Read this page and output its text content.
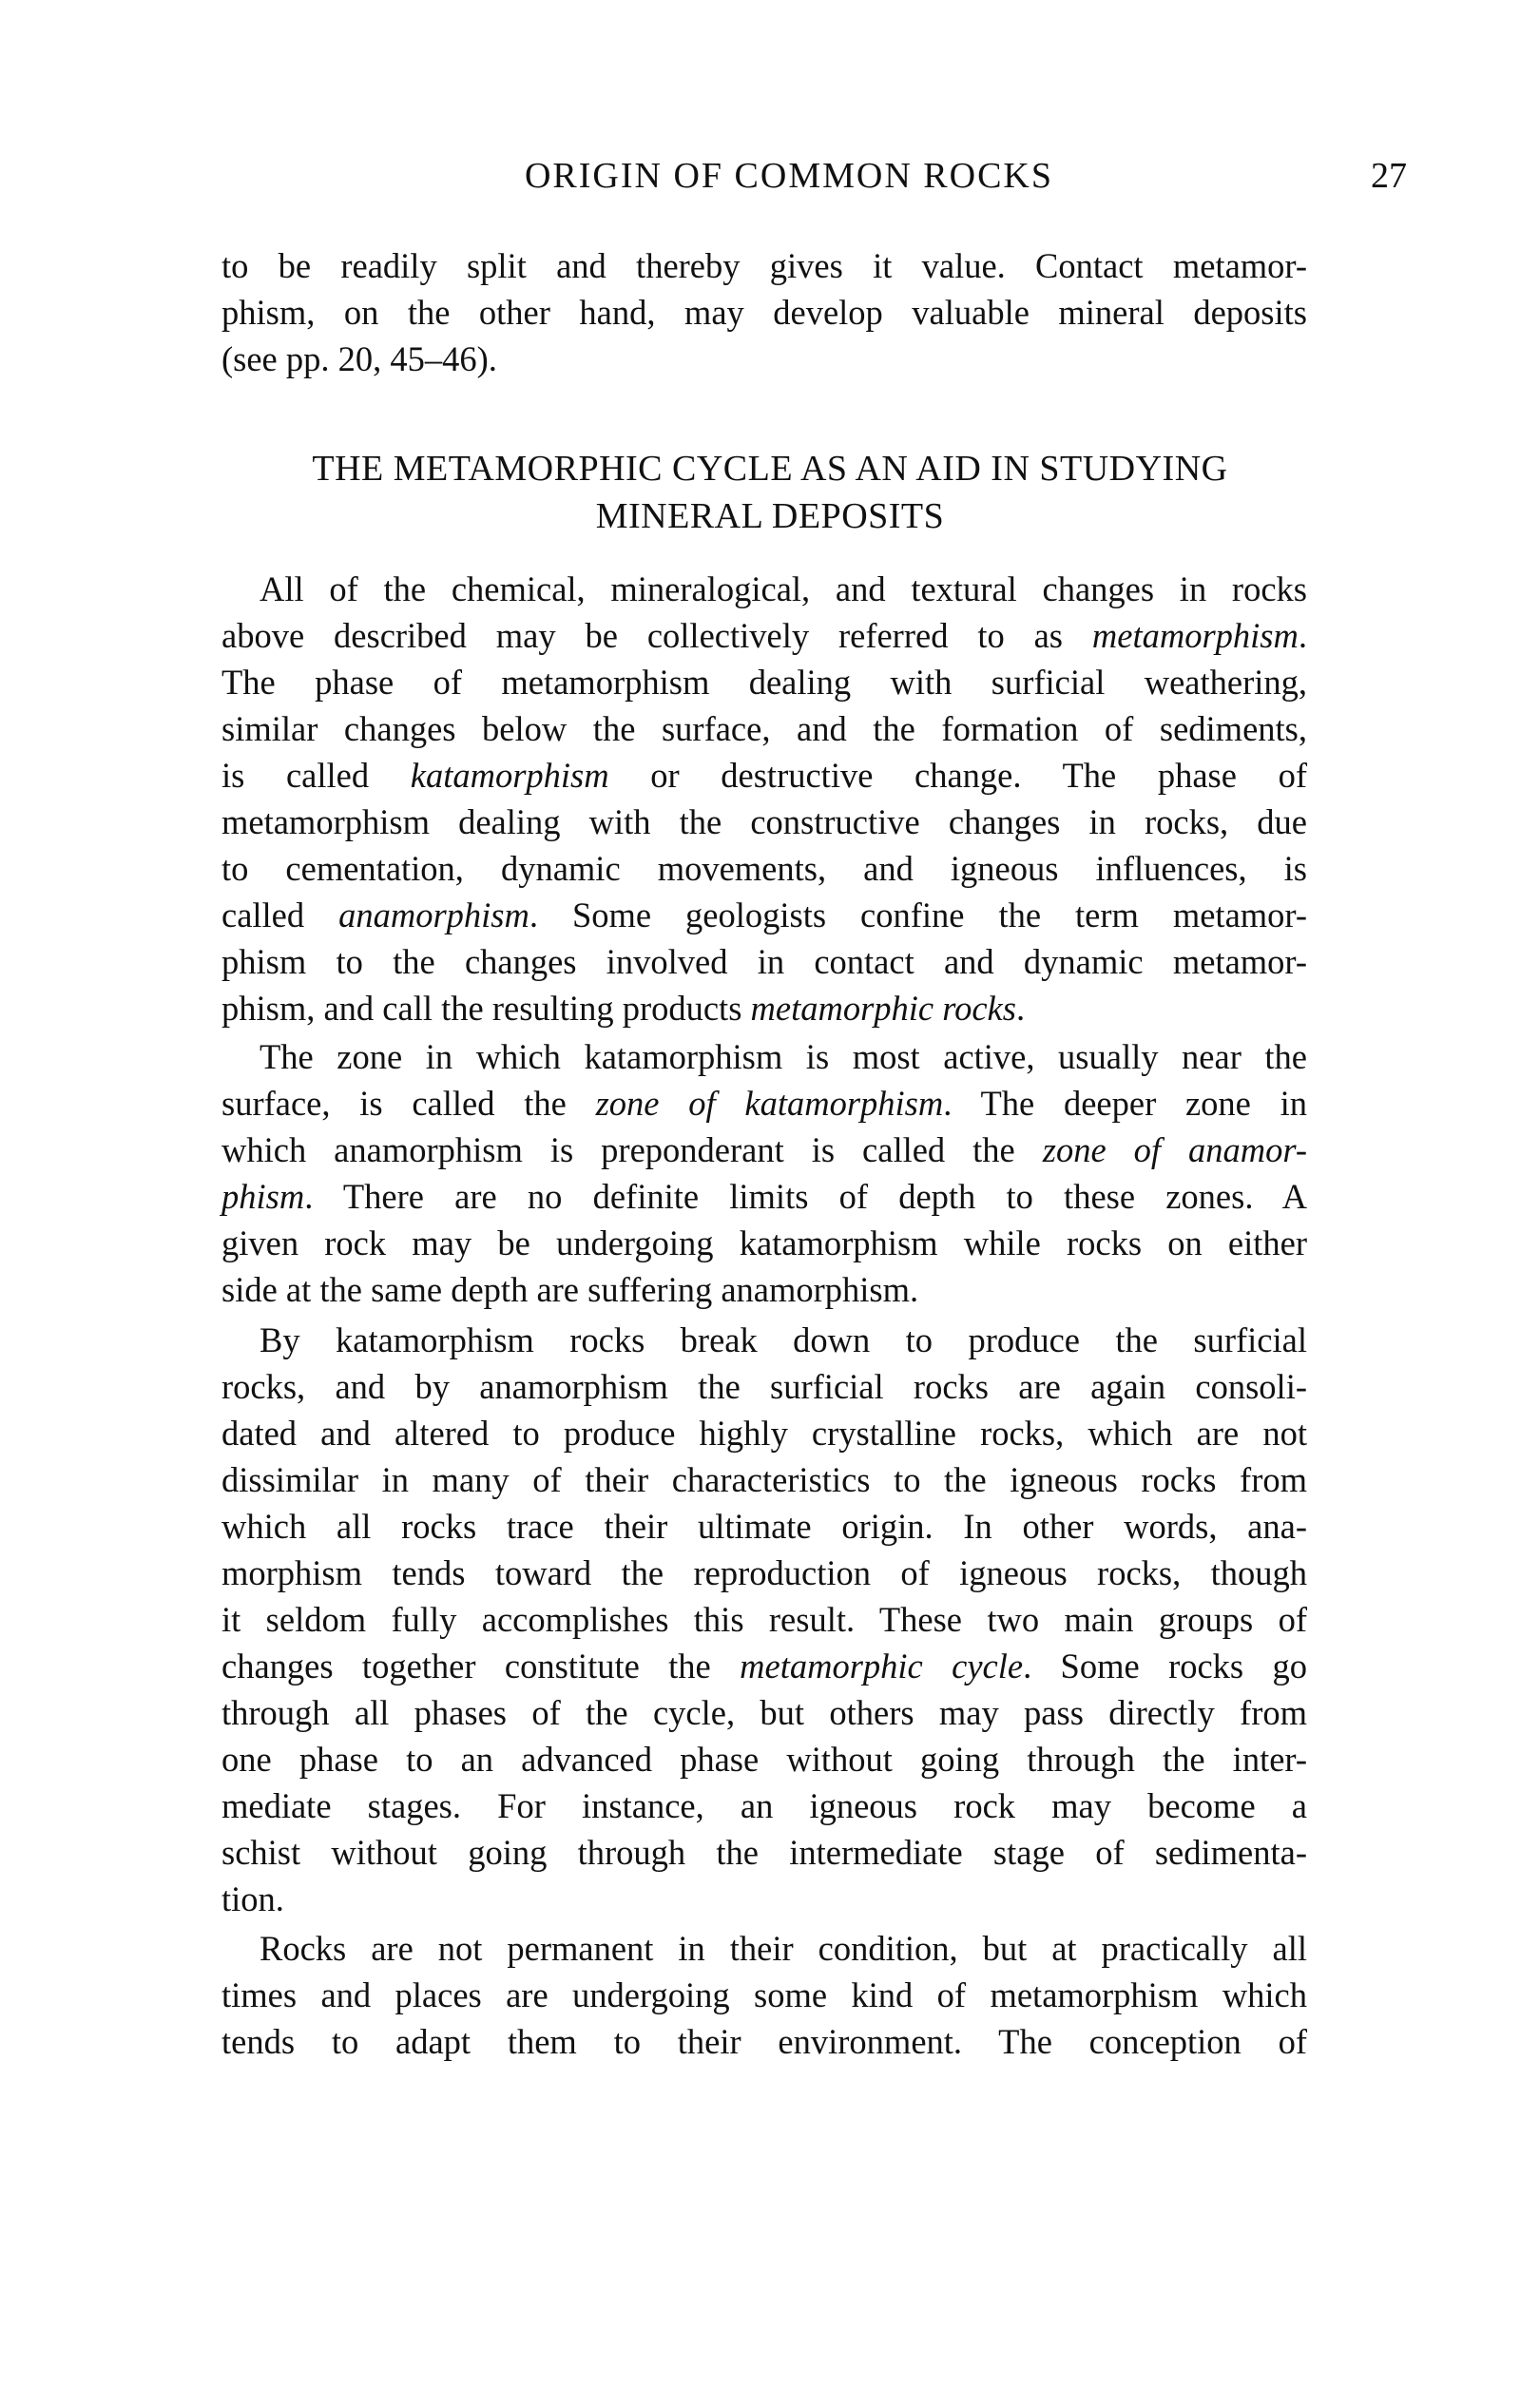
ORIGIN OF COMMON ROCKS	27
to be readily split and thereby gives it value. Contact metamor-
phism, on the other hand, may develop valuable mineral deposits
(see pp. 20, 45–46).
THE METAMORPHIC CYCLE AS AN AID IN STUDYING
MINERAL DEPOSITS
All of the chemical, mineralogical, and textural changes in rocks
above described may be collectively referred to as metamorphism.
The phase of metamorphism dealing with surficial weathering,
similar changes below the surface, and the formation of sediments,
is called katamorphism or destructive change. The phase of
metamorphism dealing with the constructive changes in rocks, due
to cementation, dynamic movements, and igneous influences, is
called anamorphism. Some geologists confine the term metamor-
phism to the changes involved in contact and dynamic metamor-
phism, and call the resulting products metamorphic rocks.
The zone in which katamorphism is most active, usually near the
surface, is called the zone of katamorphism. The deeper zone in
which anamorphism is preponderant is called the zone of anamor-
phism. There are no definite limits of depth to these zones. A
given rock may be undergoing katamorphism while rocks on either
side at the same depth are suffering anamorphism.
By katamorphism rocks break down to produce the surficial
rocks, and by anamorphism the surficial rocks are again consoli-
dated and altered to produce highly crystalline rocks, which are not
dissimilar in many of their characteristics to the igneous rocks from
which all rocks trace their ultimate origin. In other words, ana-
morphism tends toward the reproduction of igneous rocks, though
it seldom fully accomplishes this result. These two main groups of
changes together constitute the metamorphic cycle. Some rocks go
through all phases of the cycle, but others may pass directly from
one phase to an advanced phase without going through the inter-
mediate stages. For instance, an igneous rock may become a
schist without going through the intermediate stage of sedimenta-
tion.
Rocks are not permanent in their condition, but at practically all
times and places are undergoing some kind of metamorphism which
tends to adapt them to their environment. The conception of
